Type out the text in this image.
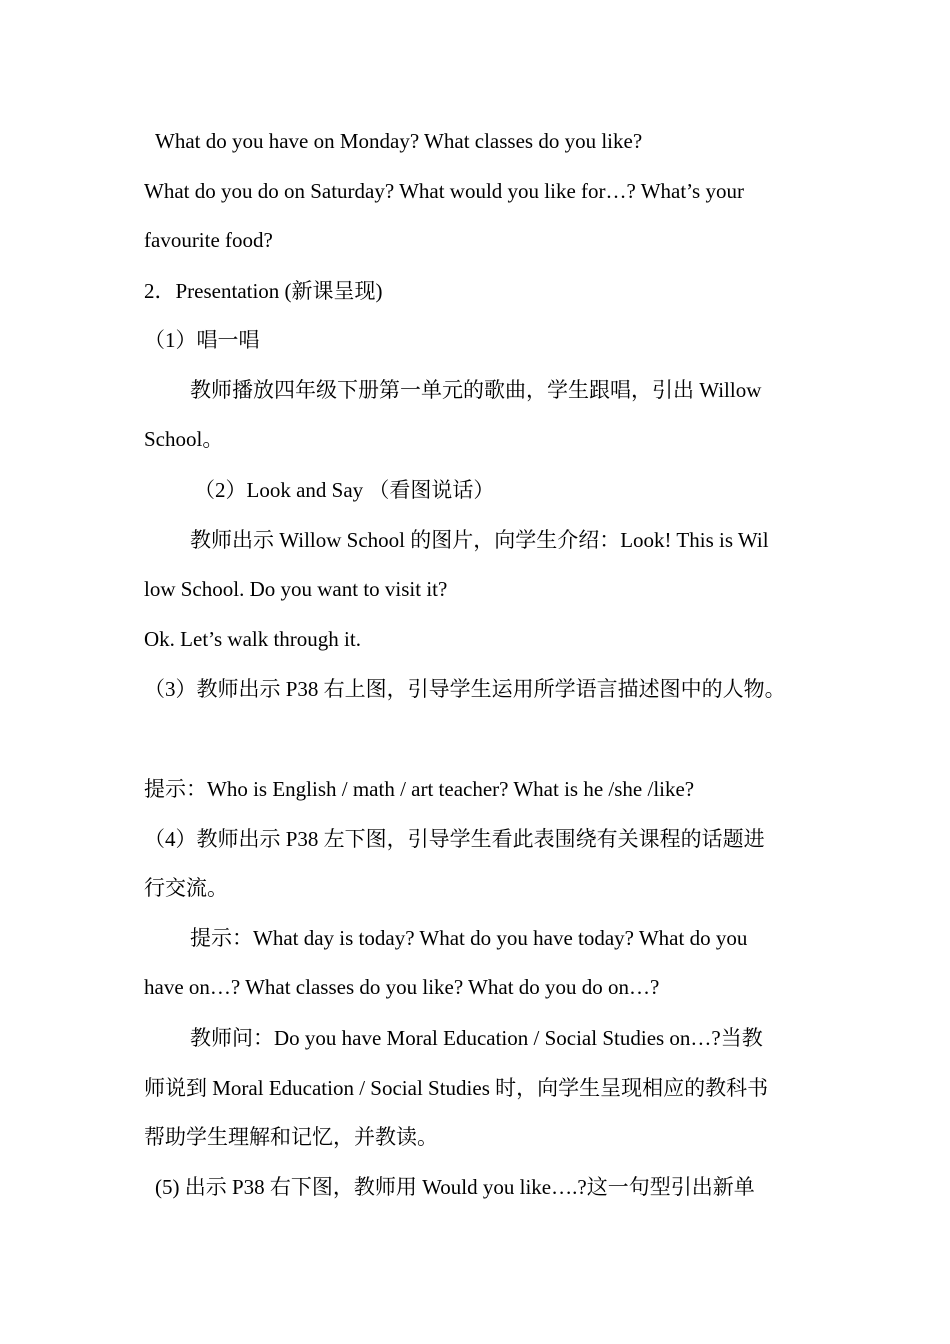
What do you have on Monday? What classes do you like?
What do you do on Saturday? What would you like for…? What’s your
favourite food?
2．Presentation (新课呈现)
（1）唱一唱
教师播放四年级下册第一单元的歌曲，学生跟唱，引出 Willow
School。
（2）Look and Say （看图说话）
教师出示 Willow School 的图片，向学生介绍：Look! This is Wil
low School. Do you want to visit it?
Ok. Let’s walk through it.
（3）教师出示 P38 右上图，引导学生运用所学语言描述图中的人物。
提示：Who is English / math / art teacher? What is he /she /like?
（4）教师出示 P38 左下图，引导学生看此表围绕有关课程的话题进
行交流。
提示：What day is today? What do you have today? What do you
have on…? What classes do you like? What do you do on…?
教师问：Do you have Moral Education / Social Studies on…?当教
师说到 Moral Education / Social Studies 时，向学生呈现相应的教科书
帮助学生理解和记忆，并教读。
(5) 出示 P38 右下图，教师用 Would you like….?这一句型引出新单
